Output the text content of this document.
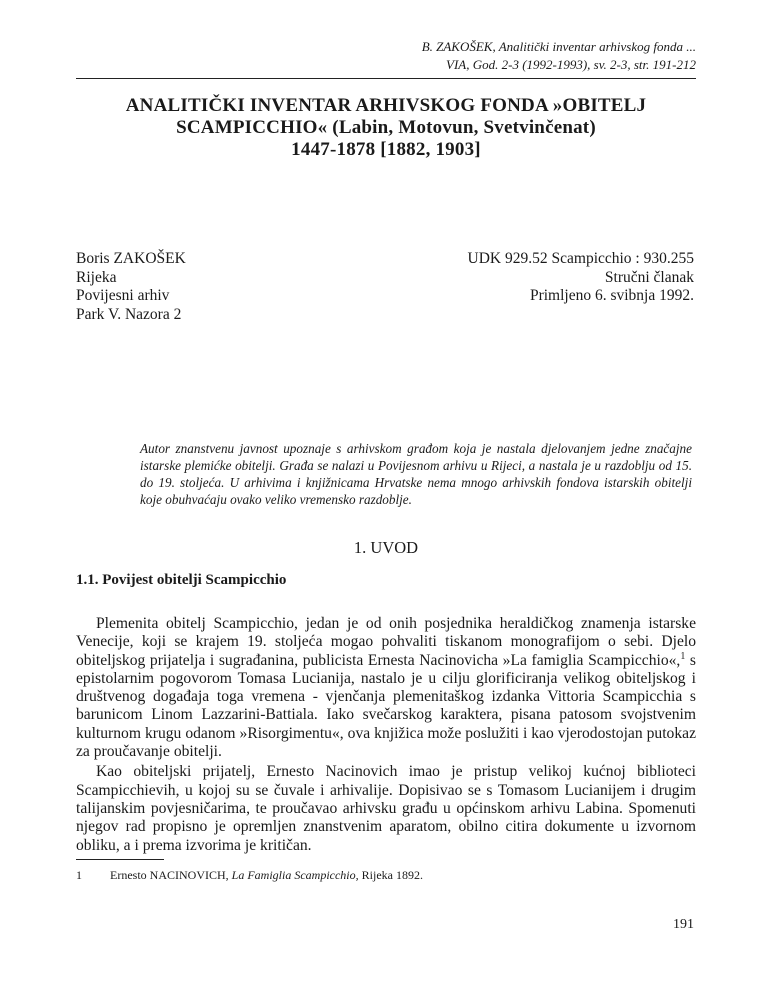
B. ZAKOŠEK, Analitički inventar arhivskog fonda ...
VIA, God. 2-3 (1992-1993), sv. 2-3, str. 191-212
ANALITIČKI INVENTAR ARHIVSKOG FONDA »OBITELJ
SCAMPICCHIO« (Labin, Motovun, Svetvinčenat)
1447-1878 [1882, 1903]
Boris ZAKOŠEK
Rijeka
Povijesni arhiv
Park V. Nazora 2
UDK 929.52 Scampicchio : 930.255
Stručni članak
Primljeno 6. svibnja 1992.
Autor znanstvenu javnost upoznaje s arhivskom građom koja je nastala djelovanjem jedne značajne istarske plemićke obitelji. Građa se nalazi u Povijesnom arhivu u Rijeci, a nastala je u razdoblju od 15. do 19. stoljeća. U arhivima i knjižnicama Hrvatske nema mnogo arhivskih fondova istarskih obitelji koje obuhvaćaju ovako veliko vremensko razdoblje.
1. UVOD
1.1. Povijest obitelji Scampicchio

Plemenita obitelj Scampicchio, jedan je od onih posjednika heraldičkog znamenja istarske Venecije, koji se krajem 19. stoljeća mogao pohvaliti tiskanom monografijom o sebi. Djelo obiteljskog prijatelja i sugrađanina, publicista Ernesta Nacinovicha »La famiglia Scampicchio«,$^1$ s epistolarnim pogovorom Tomasa Lucianija, nastalo je u cilju glorificiranja velikog obiteljskog i društvenog događaja toga vremena - vjenčanja plemenitaškog izdanka Vittoria Scampicchia s barunicom Linom Lazzarini-Battiala. Iako svečarskog karaktera, pisana patosom svojstvenim kulturnom krugu odanom »Risorgimentu«, ova knjižica može poslužiti i kao vjerodostojan putokaz za proučavanje obitelji.

Kao obiteljski prijatelj, Ernesto Nacinovich imao je pristup velikoj kućnoj biblioteci Scampicchievih, u kojoj su se čuvale i arhivalije. Dopisivao se s Tomasom Lucianijem i drugim talijanskim povjesničarima, te proučavao arhivsku građu u općinskom arhivu Labina. Spomenuti njegov rad propisno je opremljen znanstvenim aparatom, obilno citira dokumente u izvornom obliku, a i prema izvorima je kritičan.

1 Ernesto NACINOVICH, La Famiglia Scampicchio, Rijeka 1892.
191
